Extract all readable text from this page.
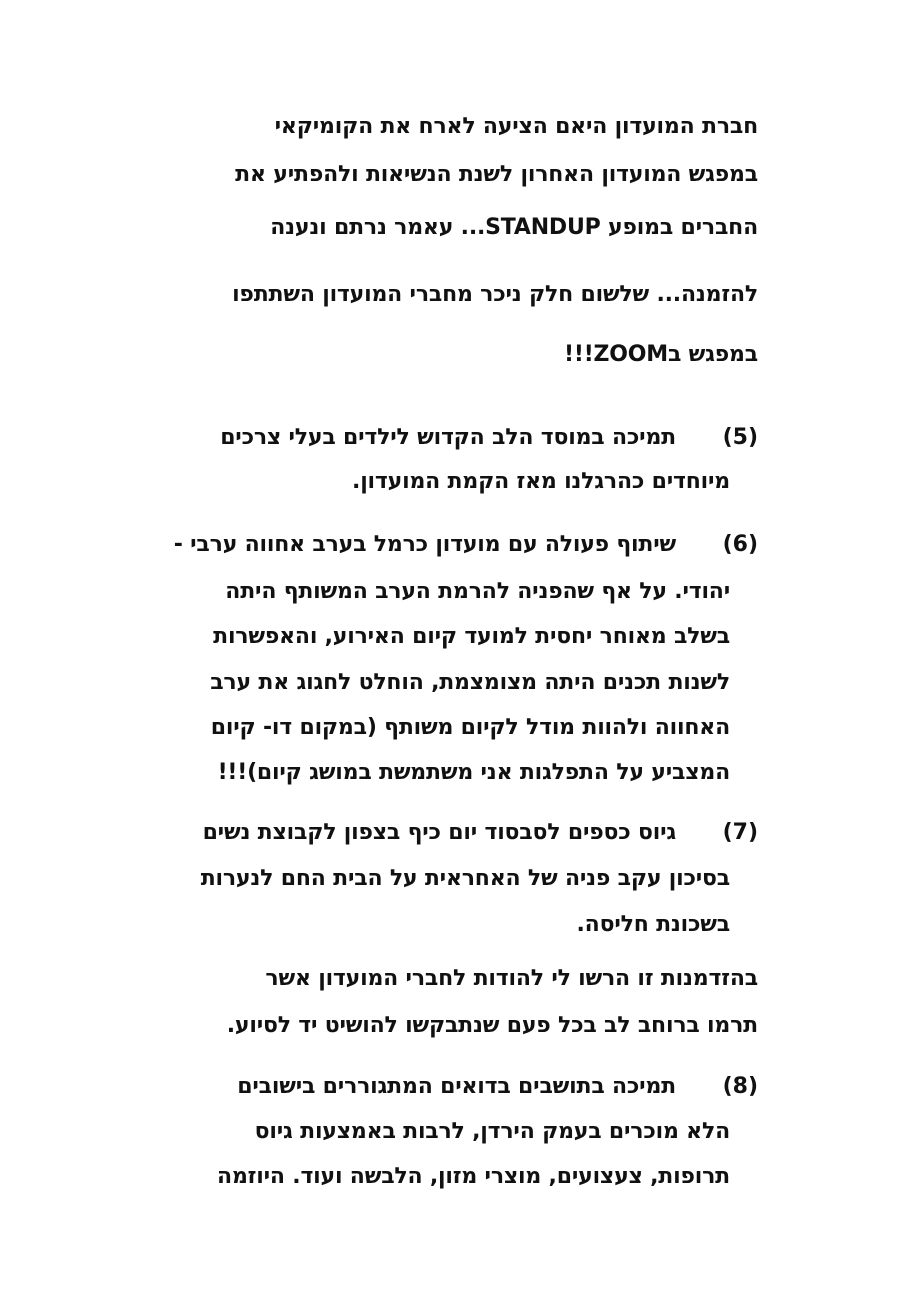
חברת המועדון היאם הציעה לארח את הקומיקאי
במפגש המועדון האחרון לשנת הנשיאות ולהפתיע את
החברים במופע STANDUP... עאמר נרתם ונענה
להזמנה... שלשום חלק ניכר מחברי המועדון השתתפו
במפגש בZOOM!!!
(5)
תמיכה במוסד הלב הקדוש לילדים בעלי צרכים
מיוחדים כהרגלנו מאז הקמת המועדון.
(6)
שיתוף פעולה עם מועדון כרמל בערב אחווה ערבי -
יהודי. על אף שהפניה להרמת הערב המשותף היתה
בשלב מאוחר יחסית למועד קיום האירוע, והאפשרות
לשנות תכנים היתה מצומצמת, הוחלט לחגוג את ערב
האחווה ולהוות מודל לקיום משותף (במקום דו- קיום
המצביע על התפלגות אני משתמשת במושג קיום)!!!
(7)
גיוס כספים לסבסוד יום כיף בצפון לקבוצת נשים
בסיכון עקב פניה של האחראית על הבית החם לנערות
בשכונת חליסה.
בהזדמנות זו הרשו לי להודות לחברי המועדון אשר
תרמו ברוחב לב בכל פעם שנתבקשו להושיט יד לסיוע.
(8)
תמיכה בתושבים בדואים המתגוררים בישובים
הלא מוכרים בעמק הירדן, לרבות באמצעות גיוס
תרופות, צעצועים, מוצרי מזון, הלבשה ועוד. היוזמה
